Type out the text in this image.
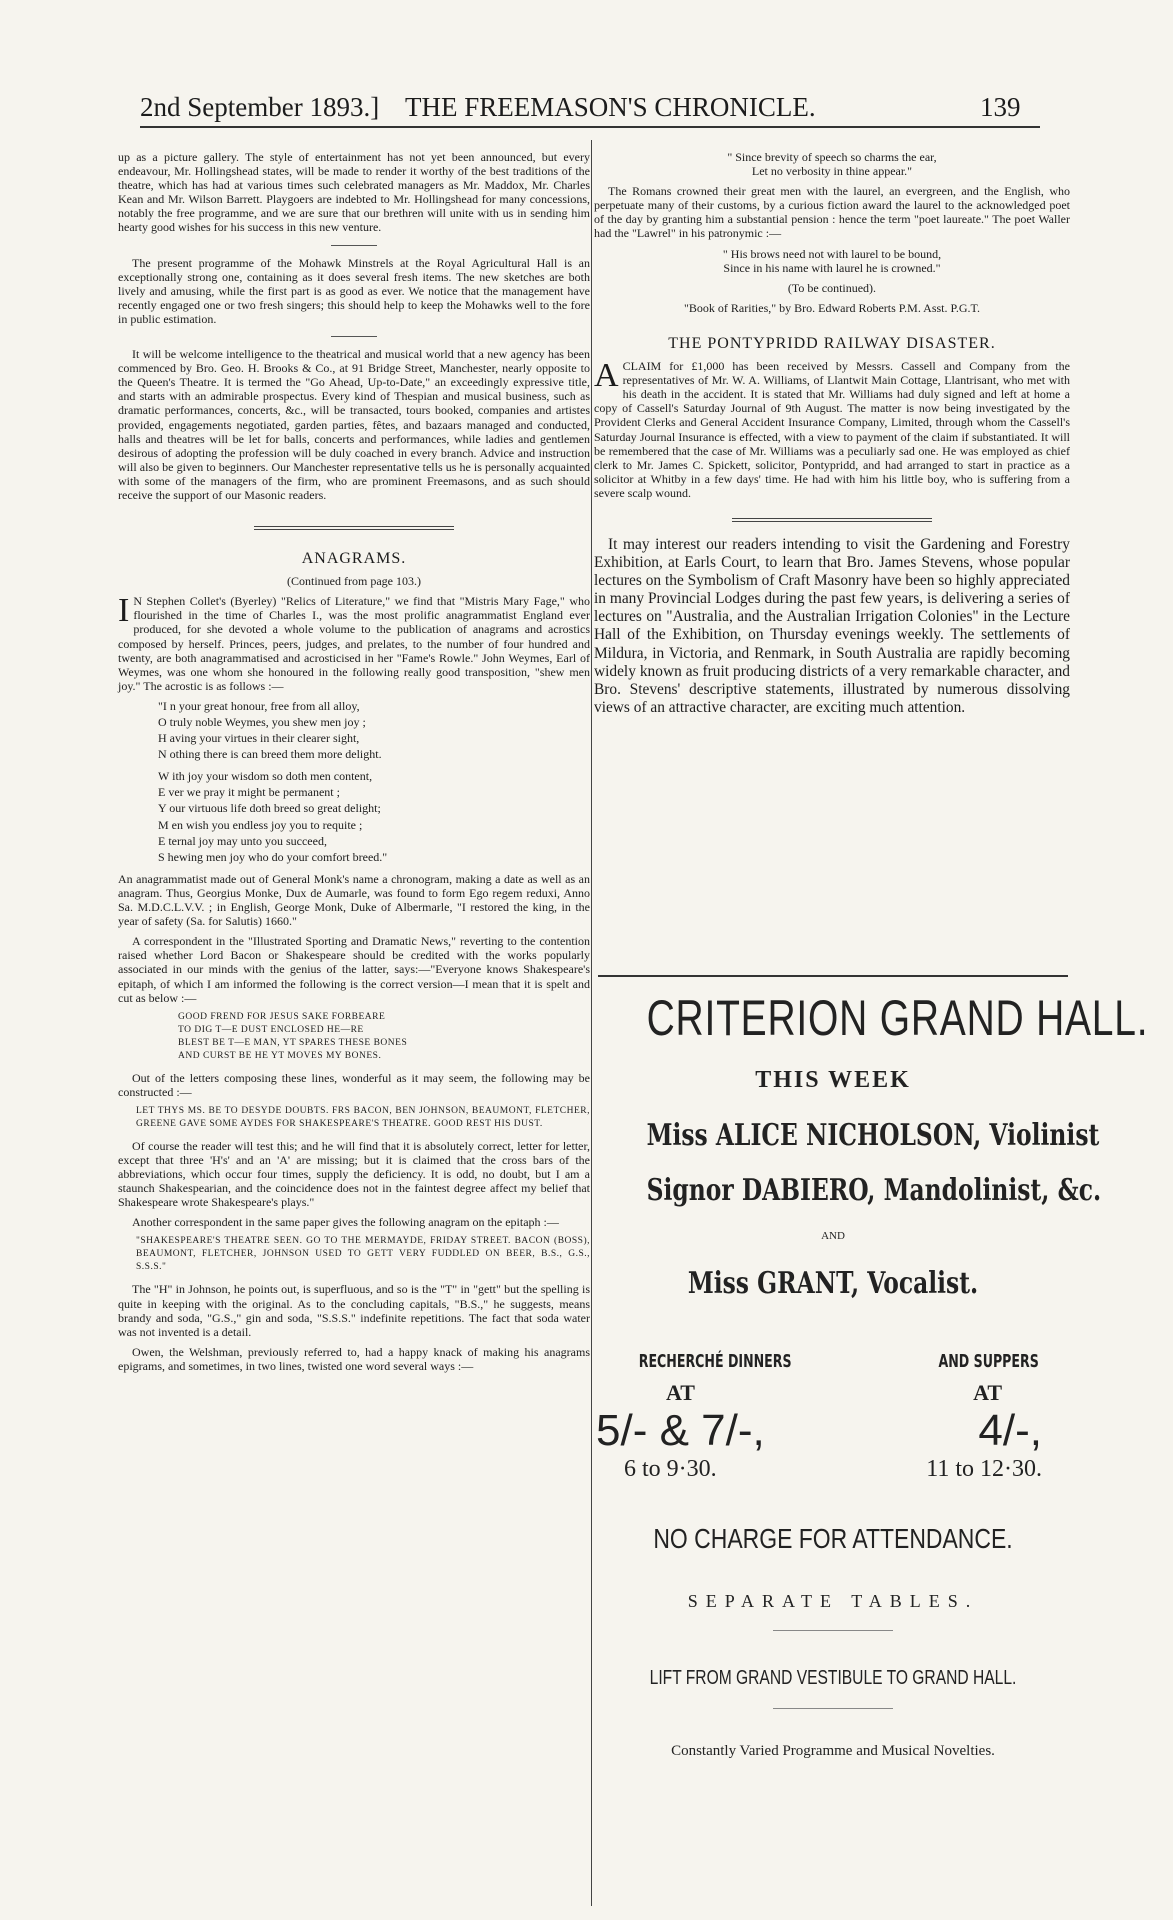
2nd September 1893.] THE FREEMASON'S CHRONICLE.	139

up as a picture gallery. The style of entertainment has not yet been announced, but every endeavour, Mr. Hollingshead states, will be made to render it worthy of the best traditions of the theatre, which has had at various times such celebrated managers as Mr. Maddox, Mr. Charles Kean and Mr. Wilson Barrett. Playgoers are indebted to Mr. Hollingshead for many concessions, notably the free programme, and we are sure that our brethren will unite with us in sending him hearty good wishes for his success in this new venture.

The present programme of the Mohawk Minstrels at the Royal Agricultural Hall is an exceptionally strong one, containing as it does several fresh items. The new sketches are both lively and amusing, while the first part is as good as ever. We notice that the management have recently engaged one or two fresh singers; this should help to keep the Mohawks well to the fore in public estimation.

It will be welcome intelligence to the theatrical and musical world that a new agency has been commenced by Bro. Geo. H. Brooks & Co., at 91 Bridge Street, Manchester, nearly opposite to the Queen's Theatre. It is termed the "Go Ahead, Up-to-Date," an exceedingly expressive title, and starts with an admirable prospectus. Every kind of Thespian and musical business, such as dramatic performances, concerts, &c., will be transacted, tours booked, companies and artistes provided, engagements negotiated, garden parties, fêtes, and bazaars managed and conducted, halls and theatres will be let for balls, concerts and performances, while ladies and gentlemen desirous of adopting the profession will be duly coached in every branch. Advice and instruction will also be given to beginners. Our Manchester representative tells us he is personally acquainted with some of the managers of the firm, who are prominent Freemasons, and as such should receive the support of our Masonic readers.

ANAGRAMS.

(Continued from page 103.)

I N Stephen Collet's (Byerley) "Relics of Literature," we find that "Mistris Mary Fage," who flourished in the time of Charles I., was the most prolific anagrammatist England ever produced, for she devoted a whole volume to the publication of anagrams and acrostics composed by herself. Princes, peers, judges, and prelates, to the number of four hundred and twenty, are both anagrammatised and acrosticised in her "Fame's Rowle." John Weymes, Earl of Weymes, was one whom she honoured in the following really good transposition, "shew men joy." The acrostic is as follows :—

"I n your great honour, free from all alloy,
O truly noble Weymes, you shew men joy ;
H aving your virtues in their clearer sight,
N othing there is can breed them more delight.
W ith joy your wisdom so doth men content,
E ver we pray it might be permanent ;
Y our virtuous life doth breed so great delight;
M en wish you endless joy you to requite ;
E ternal joy may unto you succeed,
S hewing men joy who do your comfort breed."

An anagrammatist made out of General Monk's name a chronogram, making a date as well as an anagram. Thus, Georgius Monke, Dux de Aumarle, was found to form Ego regem reduxi, Anno Sa. M.D.C.L.V.V. ; in English, George Monk, Duke of Albermarle, "I restored the king, in the year of safety (Sa. for Salutis) 1660."

A correspondent in the "Illustrated Sporting and Dramatic News," reverting to the contention raised whether Lord Bacon or Shakespeare should be credited with the works popularly associated in our minds with the genius of the latter, says:—"Everyone knows Shakespeare's epitaph, of which I am informed the following is the correct version—I mean that it is spelt and cut as below :—

GOOD FREND FOR JESUS SAKE FORBEARE
TO DIG T—E DUST ENCLOSED HE—RE
BLEST BE T—E MAN, YT SPARES THESE BONES
AND CURST BE HE YT MOVES MY BONES.

Out of the letters composing these lines, wonderful as it may seem, the following may be constructed :—

LET THYS MS. BE TO DESYDE DOUBTS. FRS BACON, BEN JOHNSON, BEAUMONT, FLETCHER, GREENE GAVE SOME AYDES FOR SHAKESPEARE'S THEATRE. GOOD REST HIS DUST.

Of course the reader will test this; and he will find that it is absolutely correct, letter for letter, except that three 'H's' and an 'A' are missing; but it is claimed that the cross bars of the abbreviations, which occur four times, supply the deficiency. It is odd, no doubt, but I am a staunch Shakespearian, and the coincidence does not in the faintest degree affect my belief that Shakespeare wrote Shakespeare's plays."

Another correspondent in the same paper gives the following anagram on the epitaph :—

"SHAKESPEARE'S THEATRE SEEN. GO TO THE MERMAYDE, FRIDAY STREET. BACON (BOSS), BEAUMONT, FLETCHER, JOHNSON USED TO GETT VERY FUDDLED ON BEER, B.S., G.S., S.S.S."

The "H" in Johnson, he points out, is superfluous, and so is the "T" in "gett" but the spelling is quite in keeping with the original. As to the concluding capitals, "B.S.," he suggests, means brandy and soda, "G.S.," gin and soda, "S.S.S." indefinite repetitions. The fact that soda water was not invented is a detail.

Owen, the Welshman, previously referred to, had a happy knack of making his anagrams epigrams, and sometimes, in two lines, twisted one word several ways :—

" Since brevity of speech so charms the ear,

Let no verbosity in thine appear."

The Romans crowned their great men with the laurel, an evergreen, and the English, who perpetuate many of their customs, by a curious fiction award the laurel to the acknowledged poet of the day by granting him a substantial pension : hence the term "poet laureate." The poet Waller had the "Lawrel" in his patronymic :—

" His brows need not with laurel to be bound,

Since in his name with laurel he is crowned."

(To be continued).

"Book of Rarities," by Bro. Edward Roberts P.M. Asst. P.G.T.

THE PONTYPRIDD RAILWAY DISASTER.

ACLAIM for £1,000 has been received by Messrs. Cassell and Company from the representatives of Mr. W. A. Williams, of Llantwit Main Cottage, Llantrisant, who met with his death in the accident. It is stated that Mr. Williams had duly signed and left at home a copy of Cassell's Saturday Journal of 9th August. The matter is now being investigated by the Provident Clerks and General Accident Insurance Company, Limited, through whom the Cassell's Saturday Journal Insurance is effected, with a view to payment of the claim if substantiated. It will be remembered that the case of Mr. Williams was a peculiarly sad one. He was employed as chief clerk to Mr. James C. Spickett, solicitor, Pontypridd, and had arranged to start in practice as a solicitor at Whitby in a few days' time. He had with him his little boy, who is suffering from a severe scalp wound.

It may interest our readers intending to visit the Gardening and Forestry Exhibition, at Earls Court, to learn that Bro. James Stevens, whose popular lectures on the Symbolism of Craft Masonry have been so highly appreciated in many Provincial Lodges during the past few years, is delivering a series of lectures on "Australia, and the Australian Irrigation Colonies" in the Lecture Hall of the Exhibition, on Thursday evenings weekly. The settlements of Mildura, in Victoria, and Renmark, in South Australia are rapidly becoming widely known as fruit producing districts of a very remarkable character, and Bro. Stevens' descriptive statements, illustrated by numerous dissolving views of an attractive character, are exciting much attention.

CRITERION GRAND HALL.
THIS WEEK
Miss ALICE NICHOLSON, Violinist
Signor DABIERO, Mandolinist, &c.
AND
Miss GRANT, Vocalist.
RECHERCHÉ DINNERS	AND SUPPERS
AT	AT
5/- & 7/-,	4/-,
6 to 9·30.	11 to 12·30.
NO CHARGE FOR ATTENDANCE.
SEPARATE TABLES.
LIFT FROM GRAND VESTIBULE TO GRAND HALL.
Constantly Varied Programme and Musical Novelties.
